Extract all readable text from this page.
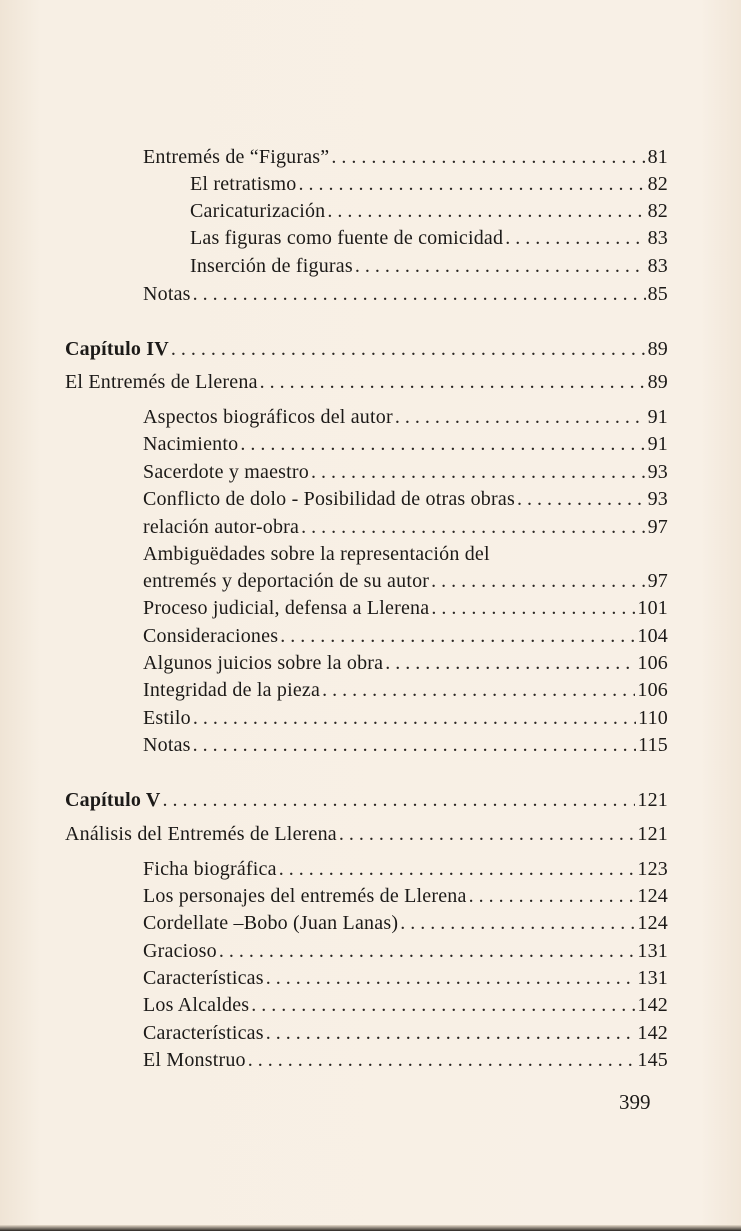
Entremés de “Figuras” . . .	81
El retratismo . . .	82
Caricaturización . . .	82
Las figuras como fuente de comicidad . . .	83
Inserción de figuras . . .	83
Notas . . .	85
Capítulo IV . . .	89
El Entremés de Llerena . . .	89
Aspectos biográficos del autor . . .	91
Nacimiento . . .	91
Sacerdote y maestro . . .	93
Conflicto de dolo - Posibilidad de otras obras . . .	93
relación autor-obra . . .	97
Ambiguëdades sobre la representación del
entremés y deportación de su autor . . .	97
Proceso judicial, defensa a Llerena . . .	101
Consideraciones . . .	104
Algunos juicios sobre la obra . . .	106
Integridad de la pieza . . .	106
Estilo . . .	110
Notas . . .	115
Capítulo V . . .	121
Análisis del Entremés de Llerena . . .	121
Ficha biográfica . . .	123
Los personajes del entremés de Llerena . . .	124
Cordellate –Bobo (Juan Lanas) . . .	124
Gracioso . . .	131
Características . . .	131
Los Alcaldes . . .	142
Características . . .	142
El Monstruo . . .	145
399
